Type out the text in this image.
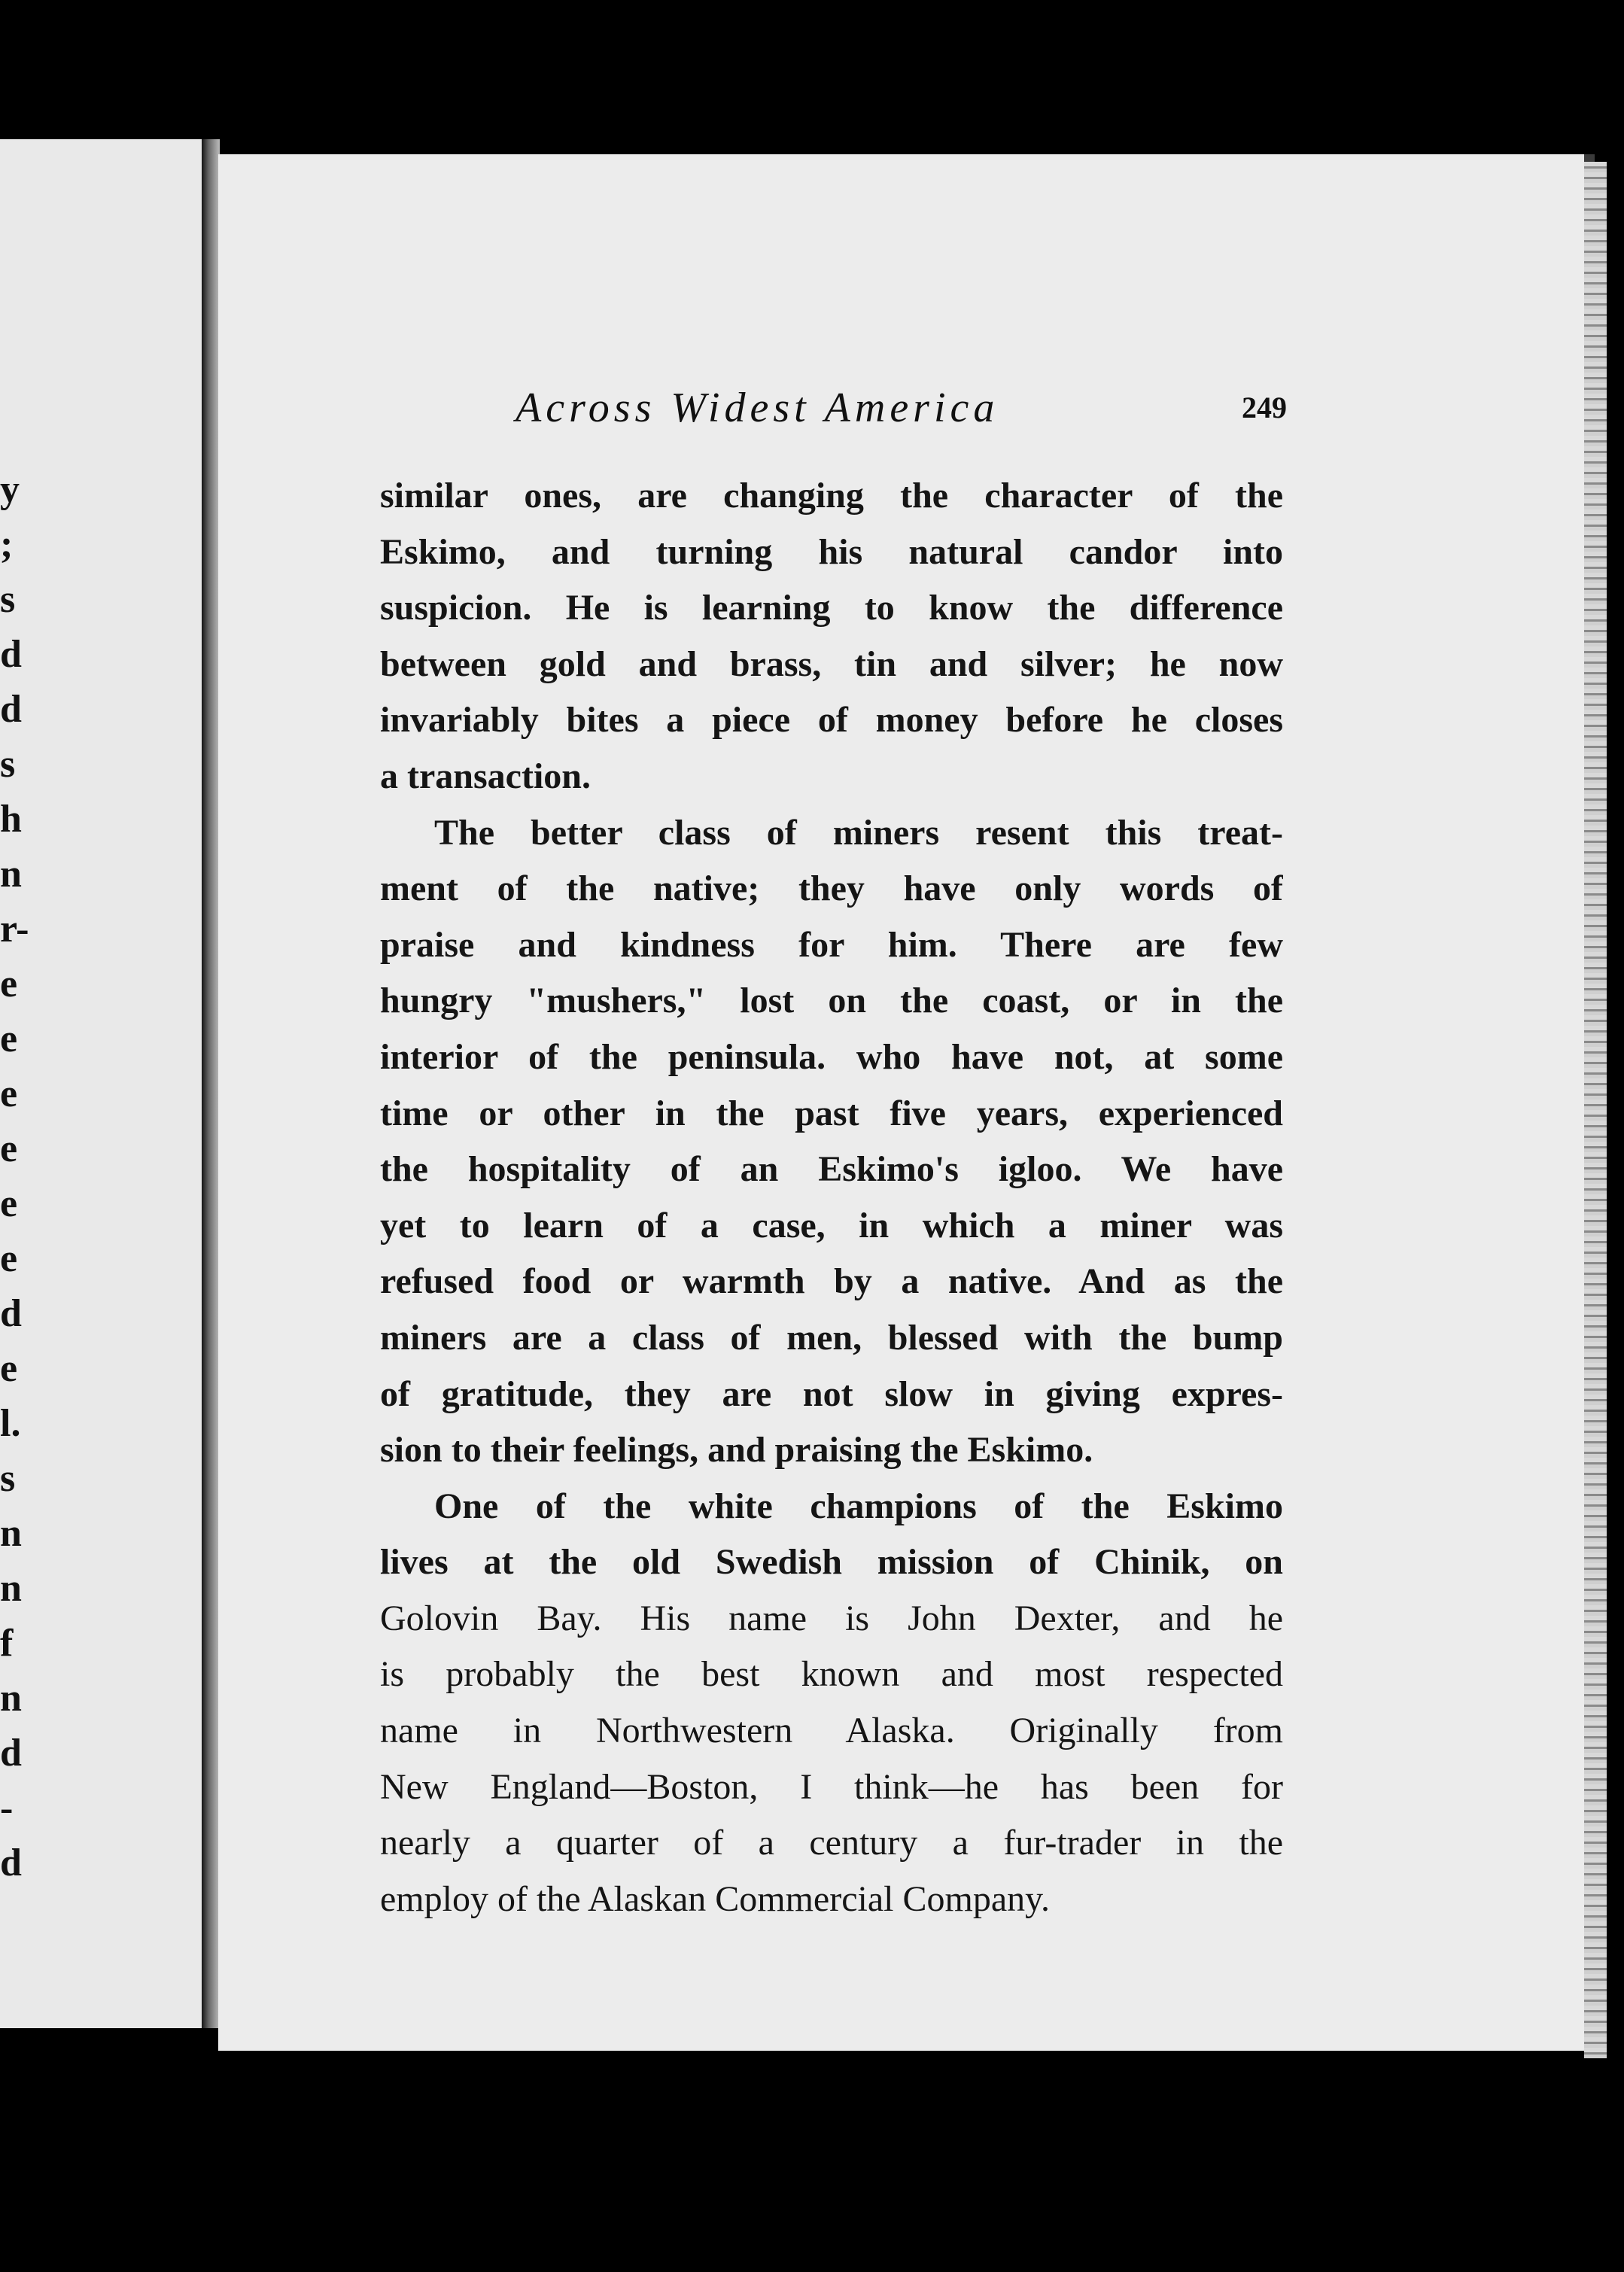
y
;
s
d
d
s
h
n
r-
e
e
e
e
e
e
d
e
l.
s
n
n
f
n
d
-
d
Across Widest America	249
similar ones, are changing the character of the
Eskimo, and turning his natural candor into
suspicion. He is learning to know the difference
between gold and brass, tin and silver; he now
invariably bites a piece of money before he closes
a transaction.
The better class of miners resent this treat-
ment of the native; they have only words of
praise and kindness for him. There are few
hungry "mushers," lost on the coast, or in the
interior of the peninsula. who have not, at some
time or other in the past five years, experienced
the hospitality of an Eskimo's igloo. We have
yet to learn of a case, in which a miner was
refused food or warmth by a native. And as the
miners are a class of men, blessed with the bump
of gratitude, they are not slow in giving expres-
sion to their feelings, and praising the Eskimo.
One of the white champions of the Eskimo
lives at the old Swedish mission of Chinik, on
Golovin Bay. His name is John Dexter, and he
is probably the best known and most respected
name in Northwestern Alaska. Originally from
New England—Boston, I think—he has been for
nearly a quarter of a century a fur-trader in the
employ of the Alaskan Commercial Company.
